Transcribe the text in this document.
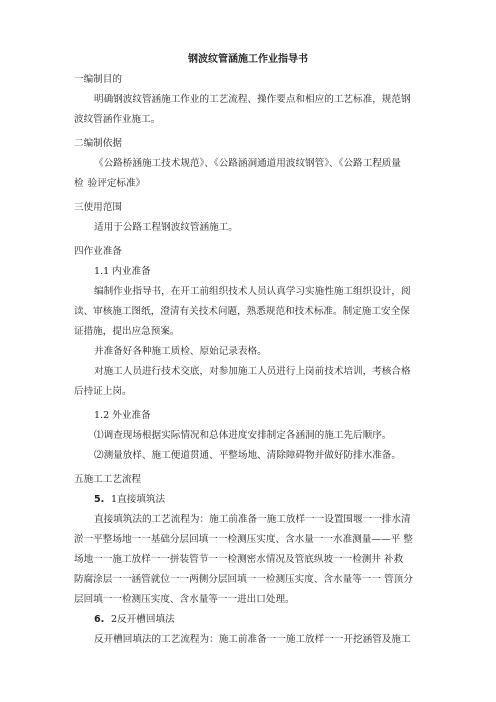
钢波纹管涵施工作业指导书
一编制目的
明确钢波纹管涵施工作业的工艺流程、操作要点和相应的工艺标准，规范钢
波纹管涵作业施工。
二编制依据
《公路桥涵施工技术规范》、《公路涵洞通道用波纹钢管》、《公路工程质量
检 验评定标准》
三使用范围
适用于公路工程钢波纹管涵施工。
四作业准备
1.1 内业准备
编制作业指导书，在开工前组织技术人员认真学习实施性施工组织设计，阅
读、审核施工图纸，澄清有关技术问题，熟悉规范和技术标准。制定施工安全保
证措施，提出应急预案。
并准备好各种施工质检、原始记录表格。
对施工人员进行技术交底，对参加施工人员进行上岗前技术培训，考核合格
后持证上岗。
1.2 外业准备
⑴调查现场根据实际情况和总体进度安排制定各涵洞的施工先后顺序。
⑵测量放样、施工便道贯通、平整场地、清除障碍物并做好防排水准备。
五施工工艺流程
5. 1直接填筑法
直接填筑法的工艺流程为：施工前准备一施工放样一一设置围堰一一排水清
淤一平整场地一一基础分层回填一一检测压实度、含水量一一水准测量——平 整
场地一一施工放样一一拼装管节一一检测密水情况及管底纵坡一一检测井 补救
防腐涂层一一涵管就位一一两侧分层回填一一检测压实度、含水量等一一 管顶分
层回填一一检测压实度、含水量等一一进出口处理。
6. 2反开槽回填法
反开槽回填法的工艺流程为：施工前准备一一施工放样一一开挖涵管及施工
